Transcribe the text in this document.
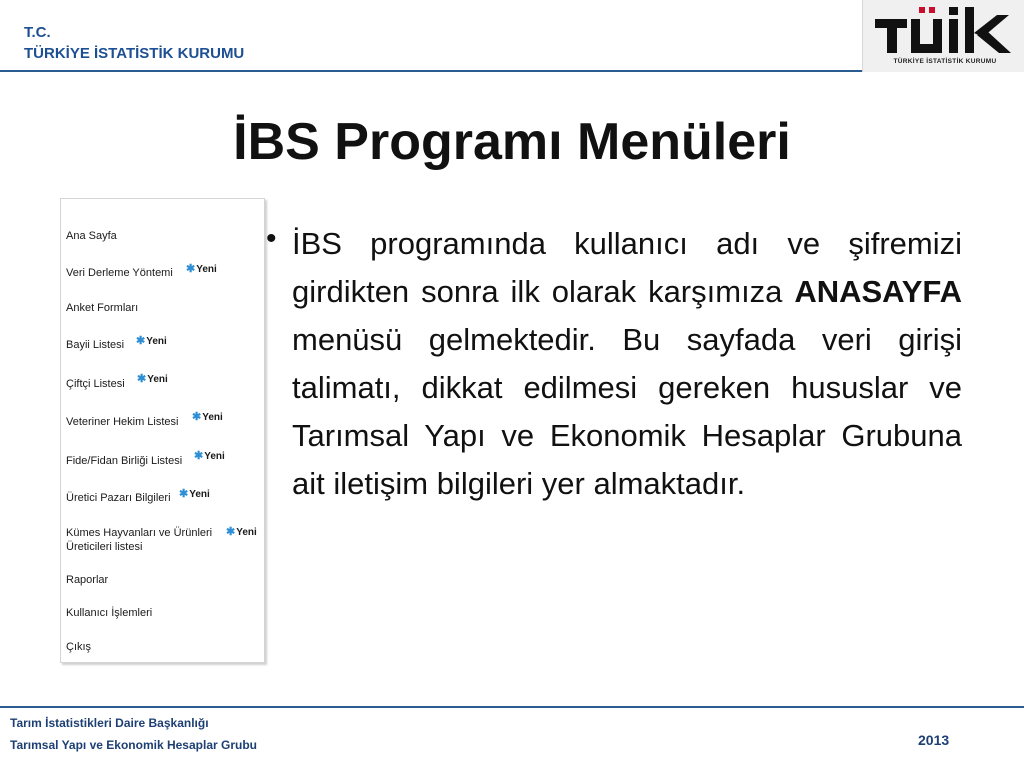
T.C.
TÜRKİYE İSTATİSTİK KURUMU	TÜRKİYE İSTATİSTİK KURUMU
İBS Programı Menüleri
Ana Sayfa
Veri Derleme Yöntemi ✱Yeni
Anket Formları
Bayii Listesi ✱Yeni
Çiftçi Listesi ✱Yeni
Veteriner Hekim Listesi ✱Yeni
Fide/Fidan Birliği Listesi ✱Yeni
Üretici Pazarı Bilgileri ✱Yeni
Kümes Hayvanları ve Ürünleri
Üreticileri listesi
✱Yeni
Raporlar
Kullanıcı İşlemleri
Çıkış
• İBS programında kullanıcı adı ve şifremizi girdikten sonra ilk olarak karşımıza ANASAYFA menüsü gelmektedir. Bu sayfada veri girişi talimatı, dikkat edilmesi gereken hususlar ve Tarımsal Yapı ve Ekonomik Hesaplar Grubuna ait iletişim bilgileri yer almaktadır.
Tarım İstatistikleri Daire Başkanlığı
Tarımsal Yapı ve Ekonomik Hesaplar Grubu	2013
